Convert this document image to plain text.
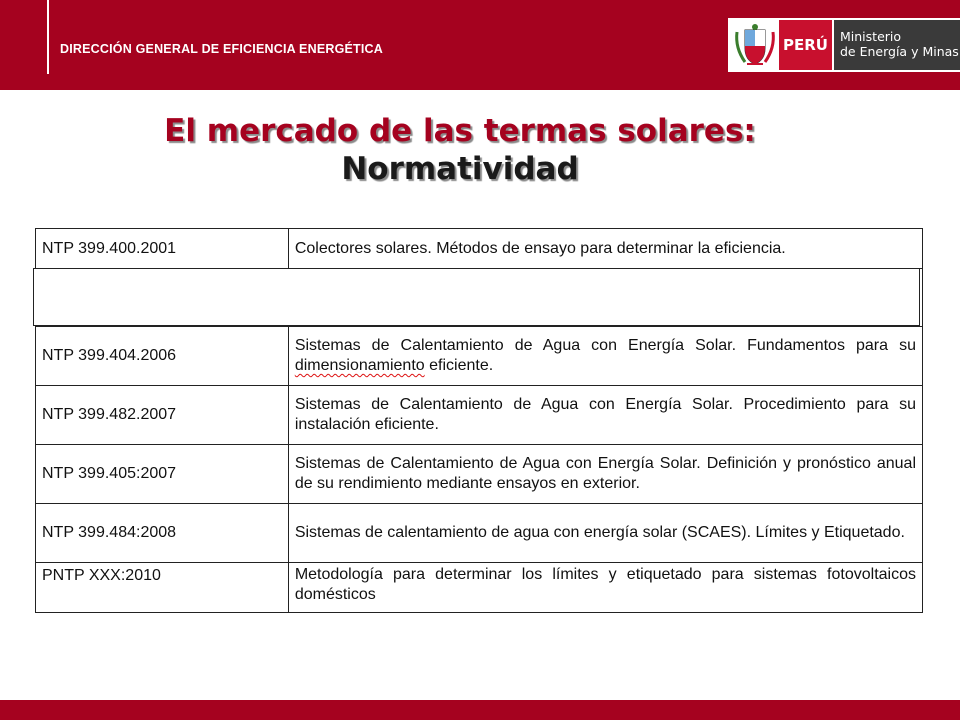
DIRECCIÓN GENERAL DE EFICIENCIA ENERGÉTICA	PERÚ Ministerio
de Energía y Minas
El mercado de las termas solares:
Normatividad
NTP 399.400.2001	Colectores solares. Métodos de ensayo para determinar la eficiencia.

NTP 399.404.2006	Sistemas de Calentamiento de Agua con Energía Solar. Fundamentos para su dimensionamiento eficiente.
NTP 399.482.2007	Sistemas de Calentamiento de Agua con Energía Solar. Procedimiento para su instalación eficiente.
NTP 399.405:2007	Sistemas de Calentamiento de Agua con Energía Solar. Definición y pronóstico anual de su rendimiento mediante ensayos en exterior.
NTP 399.484:2008	Sistemas de calentamiento de agua con energía solar (SCAES). Límites y Etiquetado.
PNTP XXX:2010	Metodología para determinar los límites y etiquetado para sistemas fotovoltaicos domésticos
